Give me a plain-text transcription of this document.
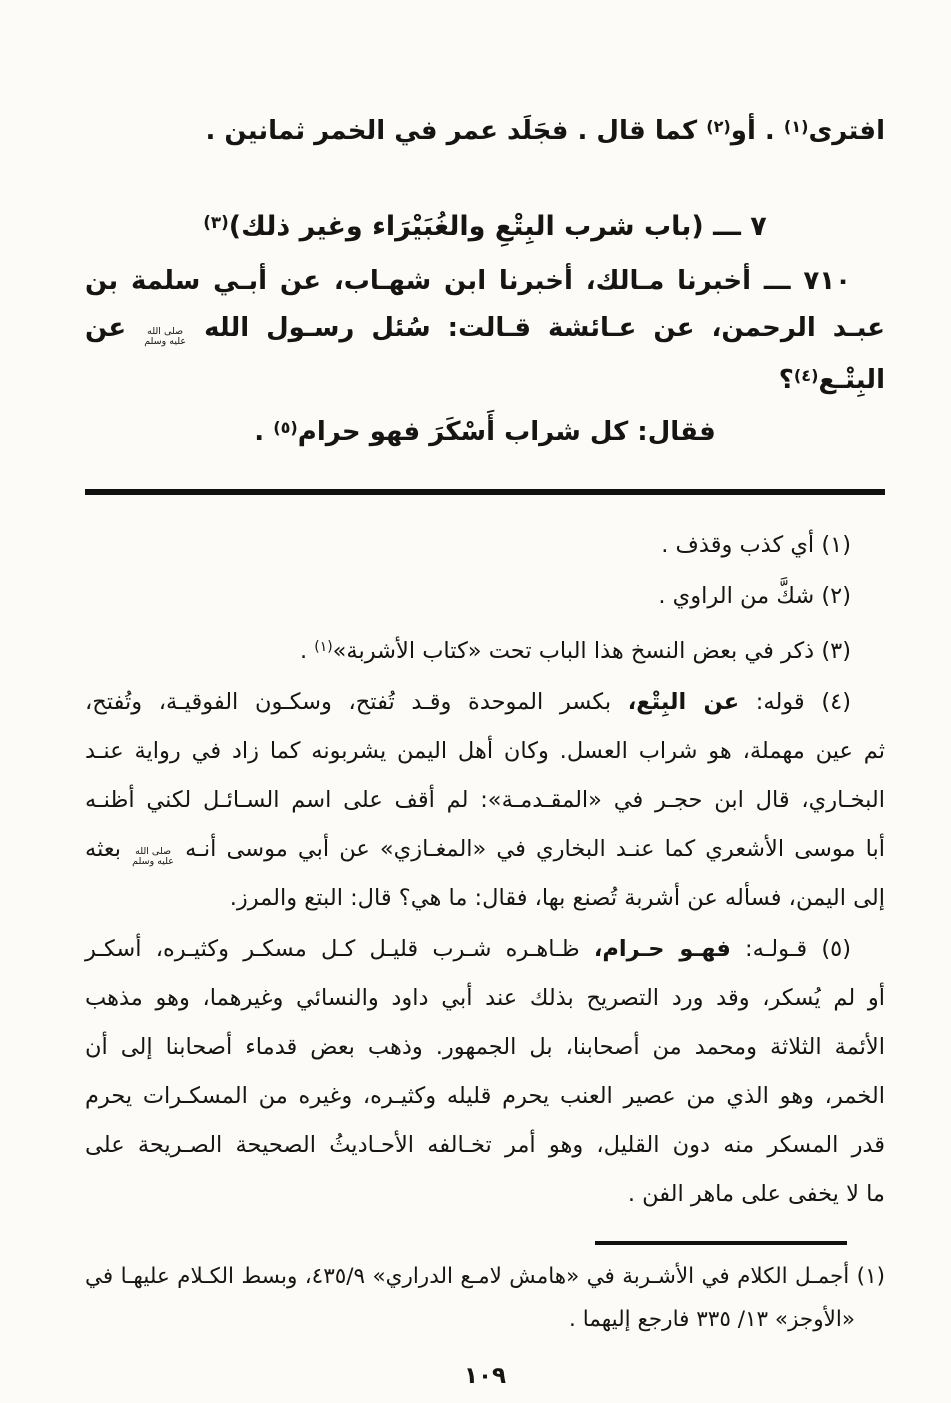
افترى$^{(١)}$ . أو$^{(٢)}$ كما قال . فجَلَد عمر في الخمر ثمانين .
٧ ـــ (باب شرب البِتْعِ والغُبَيْرَاء وغير ذلك)$^{(٣)}$
٧١٠ ـــ أخبرنا مـالك، أخبرنا ابن شهـاب، عن أبـي سلمة بن
عبـد الرحمن، عن عـائشة قـالت: سُئل رسـول الله صلى الله عليه وسلم عن البِتْـع$^{(٤)}$؟
فقال: كل شراب أَسْكَرَ فهو حرام$^{(٥)}$ .
(١) أي كذب وقذف .
(٢) شكَّ من الراوي .
(٣) ذكر في بعض النسخ هذا الباب تحت «كتاب الأشربة»$^{(١)}$ .
(٤) قوله: عن البِتْع، بكسر الموحدة وقـد تُفتح، وسكـون الفوقيـة، وتُفتح،
ثم عين مهملة، هو شراب العسل. وكان أهل اليمن يشربونه كما زاد في رواية عنـد
البخـاري، قال ابن حجـر في «المقـدمـة»: لم أقف على اسم السـائـل لكني أظنـه
أبا موسى الأشعري كما عنـد البخاري في «المغـازي» عن أبي موسى أنـه صلى الله عليه وسلم بعثه
إلى اليمن، فسأله عن أشربة تُصنع بها، فقال: ما هي؟ قال: البتع والمرز.
(٥) قـولـه: فهـو حـرام، ظـاهـره شـرب قليـل كـل مسكـر وكثيـره، أسكـر
أو لم يُسكر، وقد ورد التصريح بذلك عند أبي داود والنسائي وغيرهما، وهو مذهب
الأئمة الثلاثة ومحمد من أصحابنا، بل الجمهور. وذهب بعض قدماء أصحابنا إلى أن
الخمر، وهو الذي من عصير العنب يحرم قليله وكثيـره، وغيره من المسكـرات يحرم
قدر المسكر منه دون القليل، وهو أمر تخـالفه الأحـاديثُ الصحيحة الصـريحة على
ما لا يخفى على ماهر الفن .
(١) أجمـل الكلام في الأشـربة في «هامش لامـع الدراري» ٤٣٥/٩، وبسط الكـلام عليهـا في
«الأوجز» ١٣/ ٣٣٥ فارجع إليهما .
١٠٩
